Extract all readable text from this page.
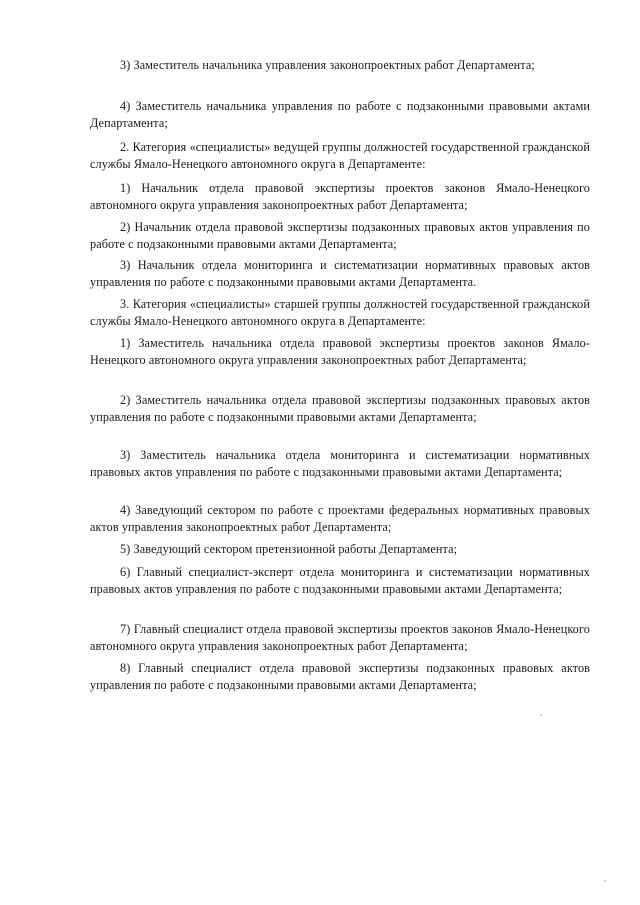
3) Заместитель начальника управления законопроектных работ Департамента;

4) Заместитель начальника управления по работе с подзаконными правовыми актами Департамента;

2. Категория «специалисты» ведущей группы должностей государственной гражданской службы Ямало-Ненецкого автономного округа в Департаменте:

1) Начальник отдела правовой экспертизы проектов законов Ямало-Ненецкого автономного округа управления законопроектных работ Департамента;

2) Начальник отдела правовой экспертизы подзаконных правовых актов управления по работе с подзаконными правовыми актами Департамента;

3) Начальник отдела мониторинга и систематизации нормативных правовых актов управления по работе с подзаконными правовыми актами Департамента.

3. Категория «специалисты» старшей группы должностей государственной гражданской службы Ямало-Ненецкого автономного округа в Департаменте:

1) Заместитель начальника отдела правовой экспертизы проектов законов Ямало-Ненецкого автономного округа управления законопроектных работ Департамента;

2) Заместитель начальника отдела правовой экспертизы подзаконных правовых актов управления по работе с подзаконными правовыми актами Департамента;

3) Заместитель начальника отдела мониторинга и систематизации нормативных правовых актов управления по работе с подзаконными правовыми актами Департамента;

4) Заведующий сектором по работе с проектами федеральных нормативных правовых актов управления законопроектных работ Департамента;

5) Заведующий сектором претензионной работы Департамента;

6) Главный специалист-эксперт отдела мониторинга и систематизации нормативных правовых актов управления по работе с подзаконными правовыми актами Департамента;

7) Главный специалист отдела правовой экспертизы проектов законов Ямало-Ненецкого автономного округа управления законопроектных работ Департамента;

8) Главный специалист отдела правовой экспертизы подзаконных правовых актов управления по работе с подзаконными правовыми актами Департамента;
